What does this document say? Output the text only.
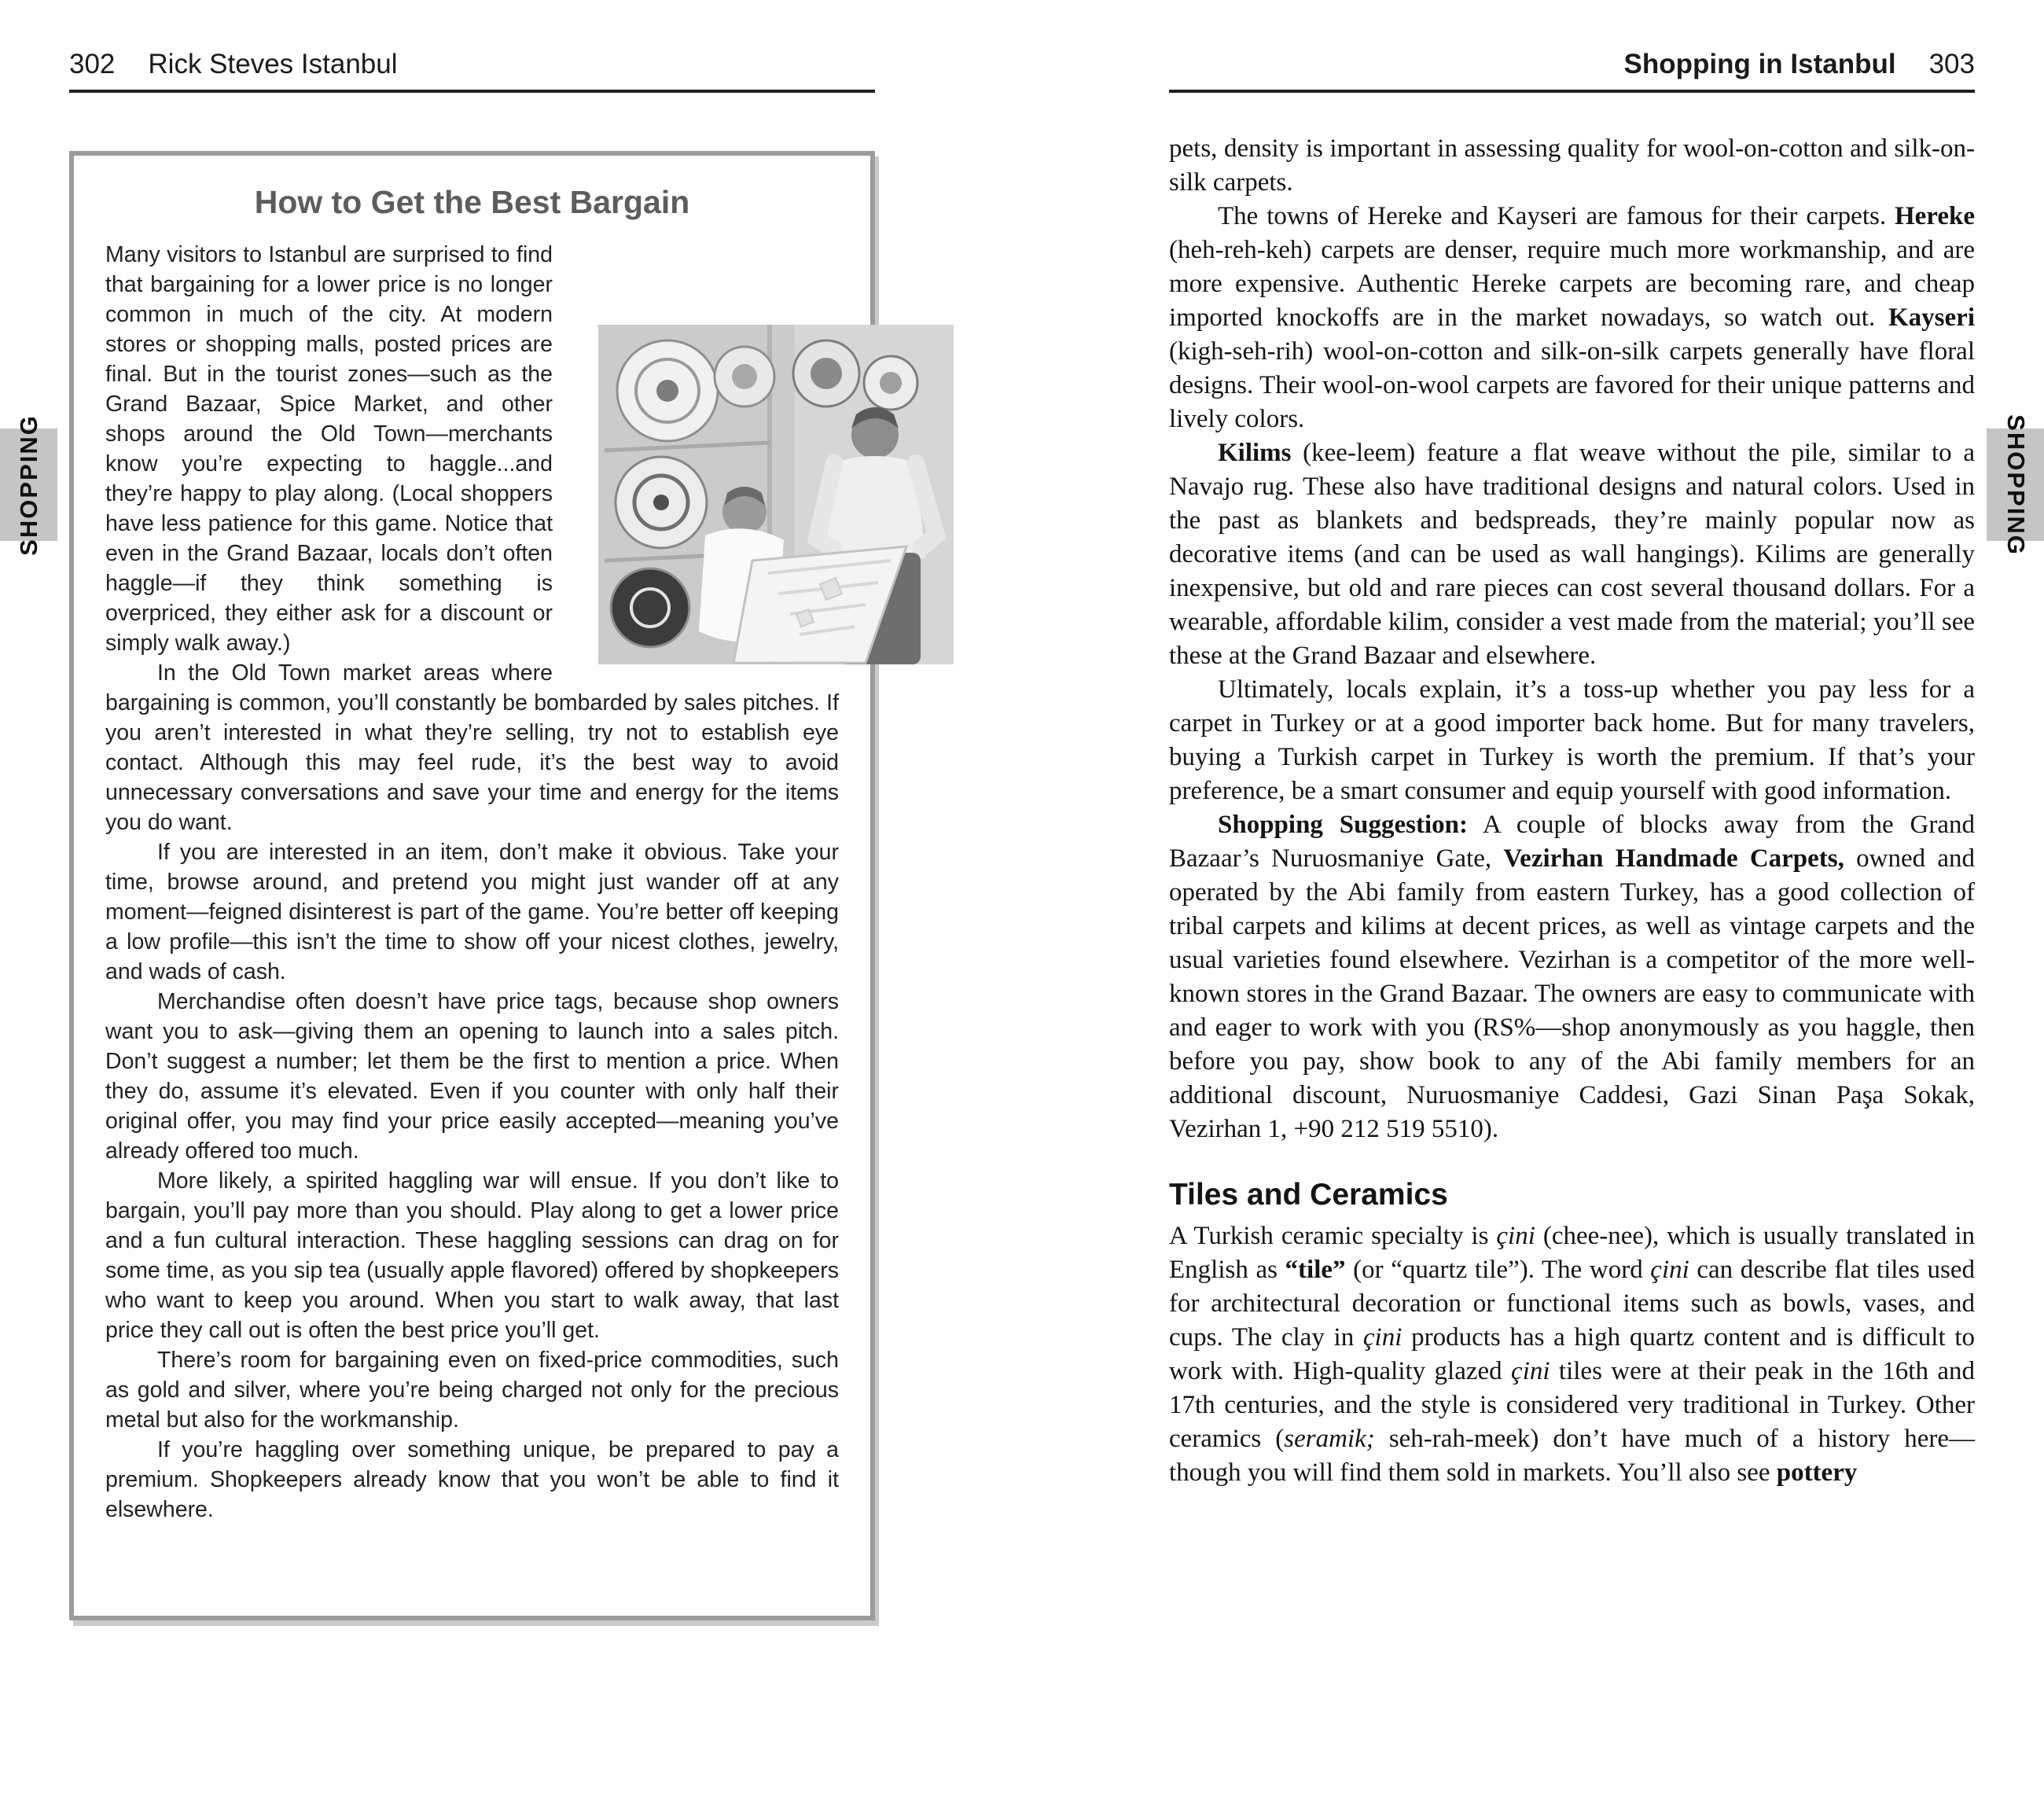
SHOPPING	SHOPPING
302 Rick Steves Istanbul
How to Get the Best Bargain

Many visitors to Istanbul are surprised to find that bargaining for a lower price is no longer common in much of the city. At modern stores or shopping malls, posted prices are final. But in the tourist zones—such as the Grand Bazaar, Spice Market, and other shops around the Old Town—merchants know you’re expecting to haggle...and they’re happy to play along. (Local shoppers have less patience for this game. Notice that even in the Grand Bazaar, locals don’t often haggle—if they think something is overpriced, they either ask for a discount or simply walk away.)

In the Old Town market areas where bargaining is common, you’ll constantly be bombarded by sales pitches. If you aren’t interested in what they’re selling, try not to establish eye contact. Although this may feel rude, it’s the best way to avoid unnecessary conversations and save your time and energy for the items you do want.

If you are interested in an item, don’t make it obvious. Take your time, browse around, and pretend you might just wander off at any moment—feigned disinterest is part of the game. You’re better off keeping a low profile—this isn’t the time to show off your nicest clothes, jewelry, and wads of cash.

Merchandise often doesn’t have price tags, because shop owners want you to ask—giving them an opening to launch into a sales pitch. Don’t suggest a number; let them be the first to mention a price. When they do, assume it’s elevated. Even if you counter with only half their original offer, you may find your price easily accepted—meaning you’ve already offered too much.

More likely, a spirited haggling war will ensue. If you don’t like to bargain, you’ll pay more than you should. Play along to get a lower price and a fun cultural interaction. These haggling sessions can drag on for some time, as you sip tea (usually apple flavored) offered by shopkeepers who want to keep you around. When you start to walk away, that last price they call out is often the best price you’ll get.

There’s room for bargaining even on fixed-price commodities, such as gold and silver, where you’re being charged not only for the precious metal but also for the workmanship.

If you’re haggling over something unique, be prepared to pay a premium. Shopkeepers already know that you won’t be able to find it elsewhere.

Shopping in Istanbul 303

pets, density is important in assessing quality for wool-on-cotton and silk-on-silk carpets.

The towns of Hereke and Kayseri are famous for their carpets. Hereke (heh-reh-keh) carpets are denser, require much more workmanship, and are more expensive. Authentic Hereke carpets are becoming rare, and cheap imported knockoffs are in the market nowadays, so watch out. Kayseri (kigh-seh-rih) wool-on-cotton and silk-on-silk carpets generally have floral designs. Their wool-on-wool carpets are favored for their unique patterns and lively colors.

Kilims (kee-leem) feature a flat weave without the pile, similar to a Navajo rug. These also have traditional designs and natural colors. Used in the past as blankets and bedspreads, they’re mainly popular now as decorative items (and can be used as wall hangings). Kilims are generally inexpensive, but old and rare pieces can cost several thousand dollars. For a wearable, affordable kilim, consider a vest made from the material; you’ll see these at the Grand Bazaar and elsewhere.

Ultimately, locals explain, it’s a toss-up whether you pay less for a carpet in Turkey or at a good importer back home. But for many travelers, buying a Turkish carpet in Turkey is worth the premium. If that’s your preference, be a smart consumer and equip yourself with good information.

Shopping Suggestion: A couple of blocks away from the Grand Bazaar’s Nuruosmaniye Gate, Vezirhan Handmade Carpets, owned and operated by the Abi family from eastern Turkey, has a good collection of tribal carpets and kilims at decent prices, as well as vintage carpets and the usual varieties found elsewhere. Vezirhan is a competitor of the more well-known stores in the Grand Bazaar. The owners are easy to communicate with and eager to work with you (RS%—shop anonymously as you haggle, then before you pay, show book to any of the Abi family members for an additional discount, Nuruosmaniye Caddesi, Gazi Sinan Paşa Sokak, Vezirhan 1, +90 212 519 5510).

Tiles and Ceramics

A Turkish ceramic specialty is çini (chee-nee), which is usually translated in English as “tile” (or “quartz tile”). The word çini can describe flat tiles used for architectural decoration or functional items such as bowls, vases, and cups. The clay in çini products has a high quartz content and is difficult to work with. High-quality glazed çini tiles were at their peak in the 16th and 17th centuries, and the style is considered very traditional in Turkey. Other ceramics (seramik; seh-rah-meek) don’t have much of a history here—though you will find them sold in markets. You’ll also see pottery
